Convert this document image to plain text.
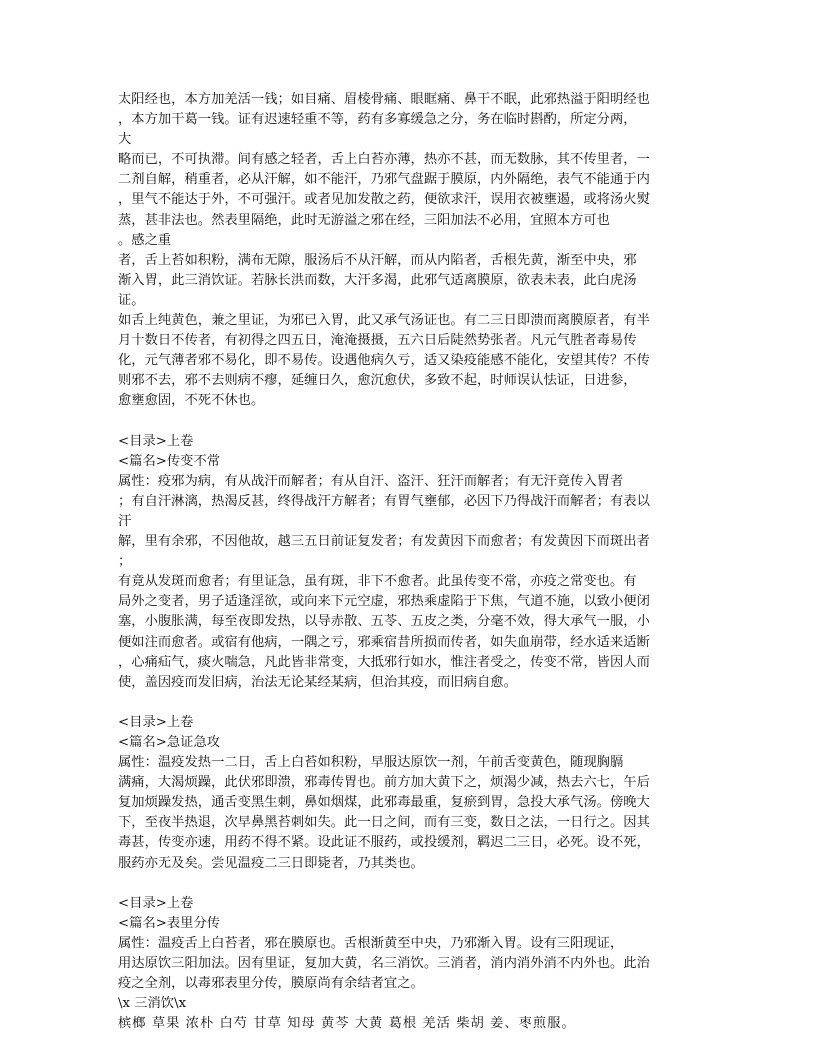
太阳经也，本方加羌活一钱；如目痛、眉棱骨痛、眼眶痛、鼻干不眠，此邪热溢于阳明经也
，本方加干葛一钱。证有迟速轻重不等，药有多寡缓急之分，务在临时斟酌，所定分两，
大
略而已，不可执滞。间有感之轻者，舌上白苔亦薄，热亦不甚，而无数脉，其不传里者，一
二剂自解，稍重者，必从汗解，如不能汗，乃邪气盘踞于膜原，内外隔绝，表气不能通于内
，里气不能达于外，不可强汗。或者见加发散之药，便欲求汗，误用衣被壅遏，或将汤火熨
蒸，甚非法也。然表里隔绝，此时无游溢之邪在经，三阳加法不必用，宜照本方可也
。感之重
者，舌上苔如积粉，满布无隙，服汤后不从汗解，而从内陷者，舌根先黄，渐至中央，邪
渐入胃，此三消饮证。若脉长洪而数，大汗多渴，此邪气适离膜原，欲表未表，此白虎汤
证。
如舌上纯黄色，兼之里证，为邪已入胃，此又承气汤证也。有二三日即溃而离膜原者，有半
月十数日不传者，有初得之四五日，淹淹摄摄，五六日后陡然势张者。凡元气胜者毒易传
化，元气薄者邪不易化，即不易传。设遇他病久亏，适又染疫能感不能化，安望其传？不传
则邪不去，邪不去则病不瘳，延缠日久，愈沉愈伏，多致不起，时师误认怯证，日进参，
愈壅愈固，不死不休也。
<目录>上卷
<篇名>传变不常
属性：疫邪为病，有从战汗而解者；有从自汗、盗汗、狂汗而解者；有无汗竟传入胃者
；有自汗淋漓，热渴反甚，终得战汗方解者；有胃气壅郁，必因下乃得战汗而解者；有表以
汗
解，里有余邪，不因他故，越三五日前证复发者；有发黄因下而愈者；有发黄因下而斑出者
；
有竟从发斑而愈者；有里证急，虽有斑，非下不愈者。此虽传变不常，亦疫之常变也。有
局外之变者，男子适逢淫欲，或向来下元空虚，邪热乘虚陷于下焦，气道不施，以致小便闭
塞，小腹胀满，每至夜即发热，以导赤散、五苓、五皮之类，分毫不效，得大承气一服，小
便如注而愈者。或宿有他病，一隅之亏，邪乘宿昔所损而传者，如失血崩带，经水适来适断
，心痛疝气，痰火喘急，凡此皆非常变，大抵邪行如水，惟注者受之，传变不常，皆因人而
使，盖因疫而发旧病，治法无论某经某病，但治其疫，而旧病自愈。
<目录>上卷
<篇名>急证急攻
属性：温疫发热一二日，舌上白苔如积粉，早服达原饮一剂，午前舌变黄色，随现胸膈
满痛，大渴烦躁，此伏邪即溃，邪毒传胃也。前方加大黄下之，烦渴少减，热去六七，午后
复加烦躁发热，通舌变黑生刺，鼻如烟煤，此邪毒最重，复瘀到胃，急投大承气汤。傍晚大
下，至夜半热退，次早鼻黑苔刺如失。此一日之间，而有三变，数日之法，一日行之。因其
毒甚，传变亦速，用药不得不紧。设此证不服药，或投缓剂，羁迟二三日，必死。设不死，
服药亦无及矣。尝见温疫二三日即毙者，乃其类也。
<目录>上卷
<篇名>表里分传
属性：温疫舌上白苔者，邪在膜原也。舌根渐黄至中央，乃邪渐入胃。设有三阳现证，
用达原饮三阳加法。因有里证，复加大黄，名三消饮。三消者，消内消外消不内外也。此治
疫之全剂，以毒邪表里分传，膜原尚有余结者宜之。
\x 三消饮\x
槟榔 草果 浓朴 白芍 甘草 知母 黄芩 大黄 葛根 羌活 柴胡 姜、枣煎服。
